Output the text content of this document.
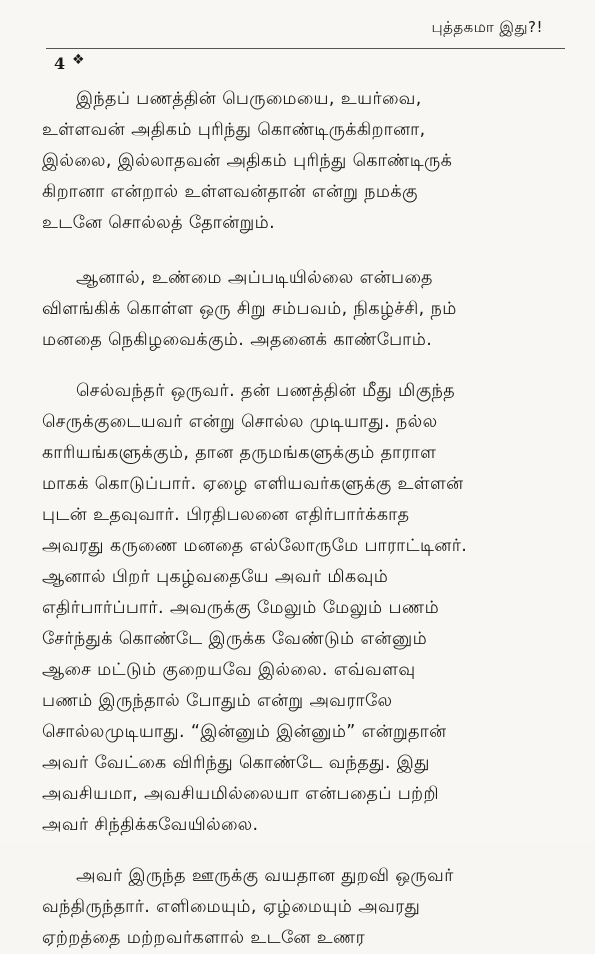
புத்தகமா இது?!
4 ❖

இந்தப் பணத்தின் பெருமையை, உயர்வை,
உள்ளவன் அதிகம் புரிந்து கொண்டிருக்கிறானா,
இல்லை, இல்லாதவன் அதிகம் புரிந்து கொண்டிருக்
கிறானா என்றால் உள்ளவன்தான் என்று நமக்கு
உடனே சொல்லத் தோன்றும்.

ஆனால், உண்மை அப்படியில்லை என்பதை
விளங்கிக் கொள்ள ஒரு சிறு சம்பவம், நிகழ்ச்சி, நம்
மனதை நெகிழவைக்கும். அதனைக் காண்போம்.

செல்வந்தர் ஒருவர். தன் பணத்தின் மீது மிகுந்த
செருக்குடையவர் என்று சொல்ல முடியாது. நல்ல
காரியங்களுக்கும், தான தருமங்களுக்கும் தாராள
மாகக் கொடுப்பார். ஏழை எளியவர்களுக்கு உள்ளன்
புடன் உதவுவார். பிரதிபலனை எதிர்பார்க்காத
அவரது கருணை மனதை எல்லோருமே பாராட்டினர்.
ஆனால் பிறர் புகழ்வதையே அவர் மிகவும்
எதிர்பார்ப்பார். அவருக்கு மேலும் மேலும் பணம்
சேர்ந்துக் கொண்டே இருக்க வேண்டும் என்னும்
ஆசை மட்டும் குறையவே இல்லை. எவ்வளவு
பணம் இருந்தால் போதும் என்று அவராலே
சொல்லமுடியாது. “இன்னும் இன்னும்” என்றுதான்
அவர் வேட்கை விரிந்து கொண்டே வந்தது. இது
அவசியமா, அவசியமில்லையா என்பதைப் பற்றி
அவர் சிந்திக்கவேயில்லை.

அவர் இருந்த ஊருக்கு வயதான துறவி ஒருவர்
வந்திருந்தார். எளிமையும், ஏழ்மையும் அவரது
ஏற்றத்தை மற்றவர்களால் உடனே உணர
